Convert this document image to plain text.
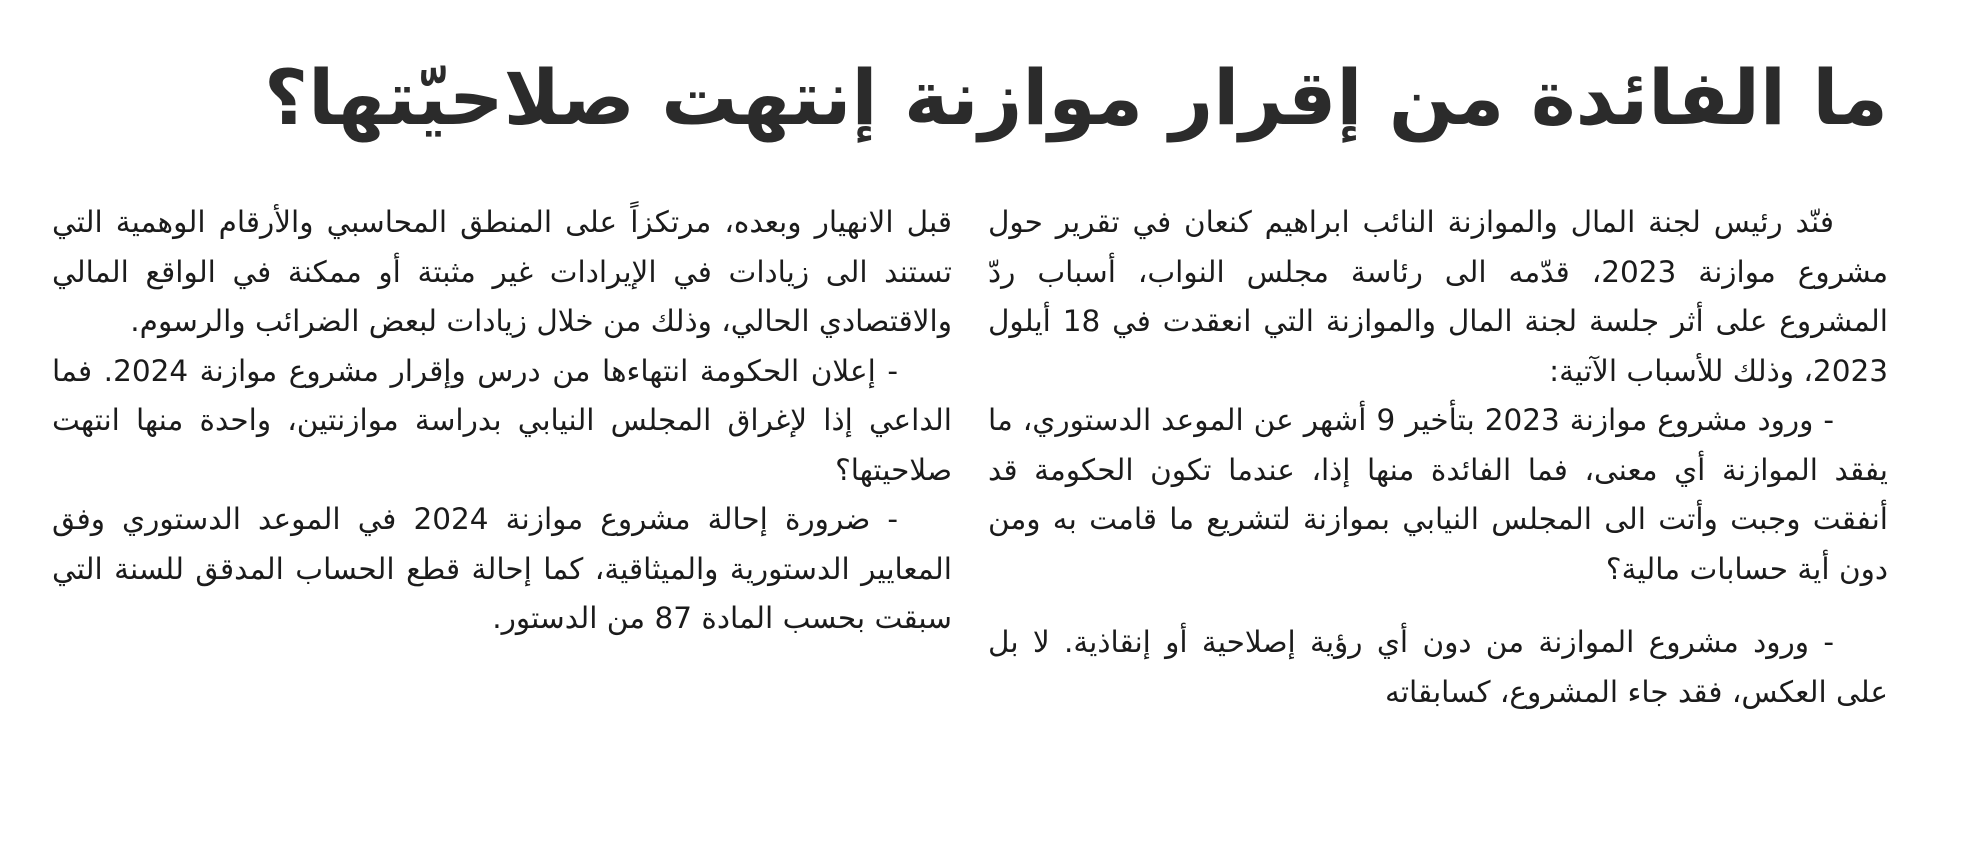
ما الفائدة من إقرار موازنة إنتهت صلاحيّتها؟

فنّد رئيس لجنة المال والموازنة النائب ابراهيم كنعان في تقرير حول مشروع موازنة 2023، قدّمه الى رئاسة مجلس النواب، أسباب ردّ المشروع على أثر جلسة لجنة المال والموازنة التي انعقدت في 18 أيلول 2023، وذلك للأسباب الآتية:

- ورود مشروع موازنة 2023 بتأخير 9 أشهر عن الموعد الدستوري، ما يفقد الموازنة أي معنى، فما الفائدة منها إذا، عندما تكون الحكومة قد أنفقت وجبت وأتت الى المجلس النيابي بموازنة لتشريع ما قامت به ومن دون أية حسابات مالية؟

- ورود مشروع الموازنة من دون أي رؤية إصلاحية أو إنقاذية. لا بل على العكس، فقد جاء المشروع، كسابقاته

قبل الانهيار وبعده، مرتكزاً على المنطق المحاسبي والأرقام الوهمية التي تستند الى زيادات في الإيرادات غير مثبتة أو ممكنة في الواقع المالي والاقتصادي الحالي، وذلك من خلال زيادات لبعض الضرائب والرسوم.

- إعلان الحكومة انتهاءها من درس وإقرار مشروع موازنة 2024. فما الداعي إذا لإغراق المجلس النيابي بدراسة موازنتين، واحدة منها انتهت صلاحيتها؟

- ضرورة إحالة مشروع موازنة 2024 في الموعد الدستوري وفق المعايير الدستورية والميثاقية، كما إحالة قطع الحساب المدقق للسنة التي سبقت بحسب المادة 87 من الدستور.
